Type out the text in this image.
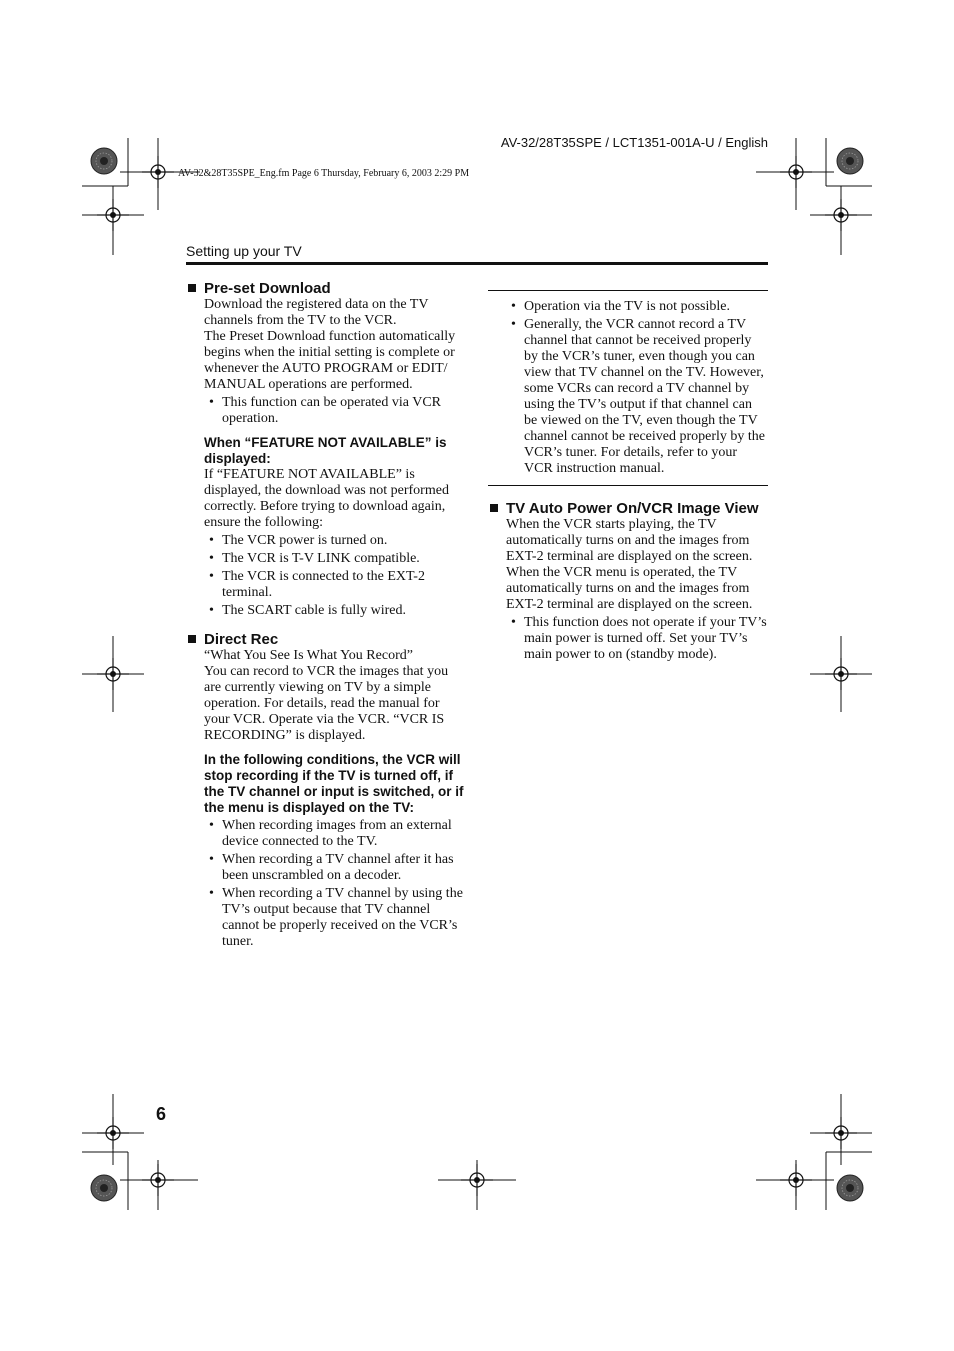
AV-32/28T35SPE / LCT1351-001A-U / English
AV-32&28T35SPE_Eng.fm Page 6 Thursday, February 6, 2003 2:29 PM
Setting up your TV
Pre-set Download

Download the registered data on the TV channels from the TV to the VCR.

The Preset Download function automatically begins when the initial setting is complete or whenever the AUTO PROGRAM or EDIT/ MANUAL operations are performed.

• This function can be operated via VCR operation.
When “FEATURE NOT AVAILABLE” is displayed:

If “FEATURE NOT AVAILABLE” is displayed, the download was not performed correctly. Before trying to download again, ensure the following:

• The VCR power is turned on.
• The VCR is T-V LINK compatible.
• The VCR is connected to the EXT-2 terminal.
• The SCART cable is fully wired.
Direct Rec

“What You See Is What You Record”

You can record to VCR the images that you are currently viewing on TV by a simple operation. For details, read the manual for your VCR. Operate via the VCR. “VCR IS RECORDING” is displayed.

In the following conditions, the VCR will stop recording if the TV is turned off, if the TV channel or input is switched, or if the menu is displayed on the TV:
• When recording images from an external device connected to the TV.
• When recording a TV channel after it has been unscrambled on a decoder.
• When recording a TV channel by using the TV’s output because that TV channel cannot be properly received on the VCR’s tuner.
• Operation via the TV is not possible.
• Generally, the VCR cannot record a TV channel that cannot be received properly by the VCR’s tuner, even though you can view that TV channel on the TV. However, some VCRs can record a TV channel by using the TV’s output if that channel can be viewed on the TV, even though the TV channel cannot be received properly by the VCR’s tuner. For details, refer to your VCR instruction manual.
TV Auto Power On/VCR Image View

When the VCR starts playing, the TV automatically turns on and the images from EXT-2 terminal are displayed on the screen.

When the VCR menu is operated, the TV automatically turns on and the images from EXT-2 terminal are displayed on the screen.

• This function does not operate if your TV’s main power is turned off. Set your TV’s main power to on (standby mode).
6
